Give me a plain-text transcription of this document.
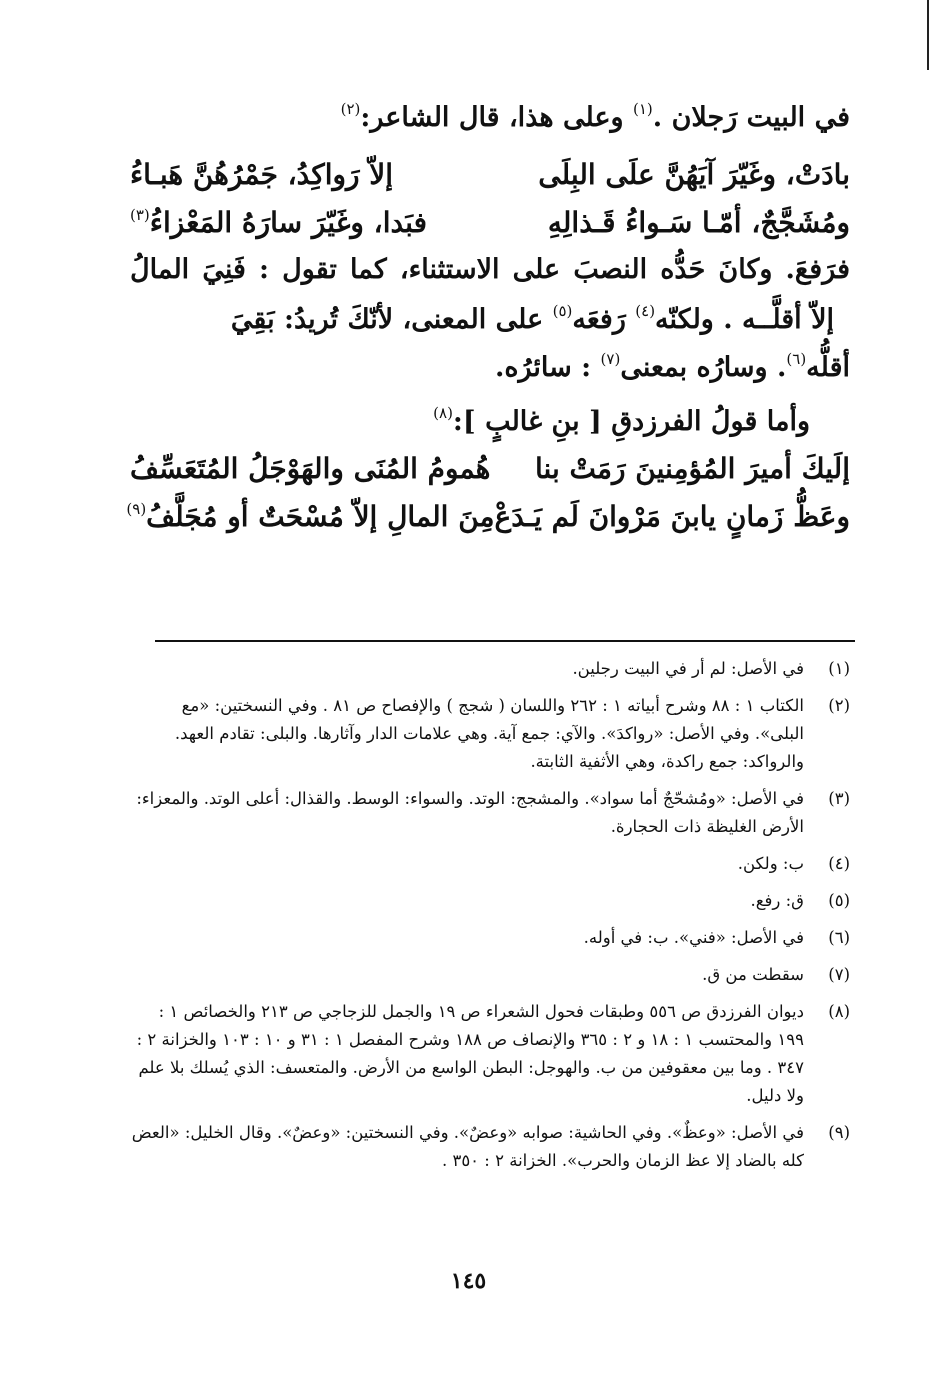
في البيت رَجلان .$^{(١)}$ وعلى هذا، قال الشاعر:$^{(٢)}$
بادَتْ، وغَيّرَ آيَهُنَّ علَى البِلَى
إلاّ رَواكِدُ، جَمْرُهُنَّ هَبـاءُ
ومُشَجَّجٌ، أمّـا سَـواءُ قَـذالِهِ
فبَدا، وغَيّرَ سارَهُ المَعْزاءُ$^{(٣)}$
فرَفعَ. وكانَ حَدُّه النصبَ على الاستثناء، كما تقول : فَنِيَ المالُ
إلاّ أقلَّــه . ولكنّه$^{(٤)}$ رَفعَه$^{(٥)}$ على المعنى، لأنّكَ تُريدُ: بَقِيَ
أقلُّه$^{(٦)}$. وسارُه بمعنى$^{(٧)}$ : سائرُه.
وأما قولُ الفرزدقِ [ بنِ غالبٍ ]:$^{(٨)}$
إلَيكَ أميرَ المُؤمِنينَ رَمَتْ بنا
هُمومُ المُنَى والهَوْجَلُ المُتَعَسِّفُ
وعَظُّ زَمانٍ يابنَ مَرْوانَ لَم يَـدَعْ
مِنَ المالِ إلاّ مُسْحَتٌ أو مُجَلَّفُ$^{(٩)}$
(١)
في الأصل: لم أر في البيت رجلين.
(٢)
الكتاب ١ : ٨٨ وشرح أبياته ١ : ٢٦٢ واللسان ( شجج ) والإفصاح ص ٨١ . وفي النسختين: «مع البلى». وفي الأصل: «رواكدَ». والآي: جمع آية. وهي علامات الدار وآثارها. والبلى: تقادم العهد. والرواكد: جمع راكدة، وهي الأثفية الثابتة.
(٣)
في الأصل: «ومُشحّجٌ أما سواد». والمشجج: الوتد. والسواء: الوسط. والقذال: أعلى الوتد. والمعزاء: الأرض الغليظة ذات الحجارة.
(٤)
ب: ولكن.
(٥)
ق: رفع.
(٦)
في الأصل: «فني». ب: في أوله.
(٧)
سقطت من ق.
(٨)
ديوان الفرزدق ص ٥٥٦ وطبقات فحول الشعراء ص ١٩ والجمل للزجاجي ص ٢١٣ والخصائص ١ : ١٩٩ والمحتسب ١ : ١٨ و ٢ : ٣٦٥ والإنصاف ص ١٨٨ وشرح المفصل ١ : ٣١ و ١٠ : ١٠٣ والخزانة ٢ : ٣٤٧ . وما بين معقوفين من ب. والهوجل: البطن الواسع من الأرض. والمتعسف: الذي يُسلك بلا علم ولا دليل.
(٩)
في الأصل: «وعظٌ». وفي الحاشية: صوابه «وعضٌ». وفي النسختين: «وعضٌ». وقال الخليل: «العض كله بالضاد إلا عظ الزمان والحرب». الخزانة ٢ : ٣٥٠ .
١٤٥
